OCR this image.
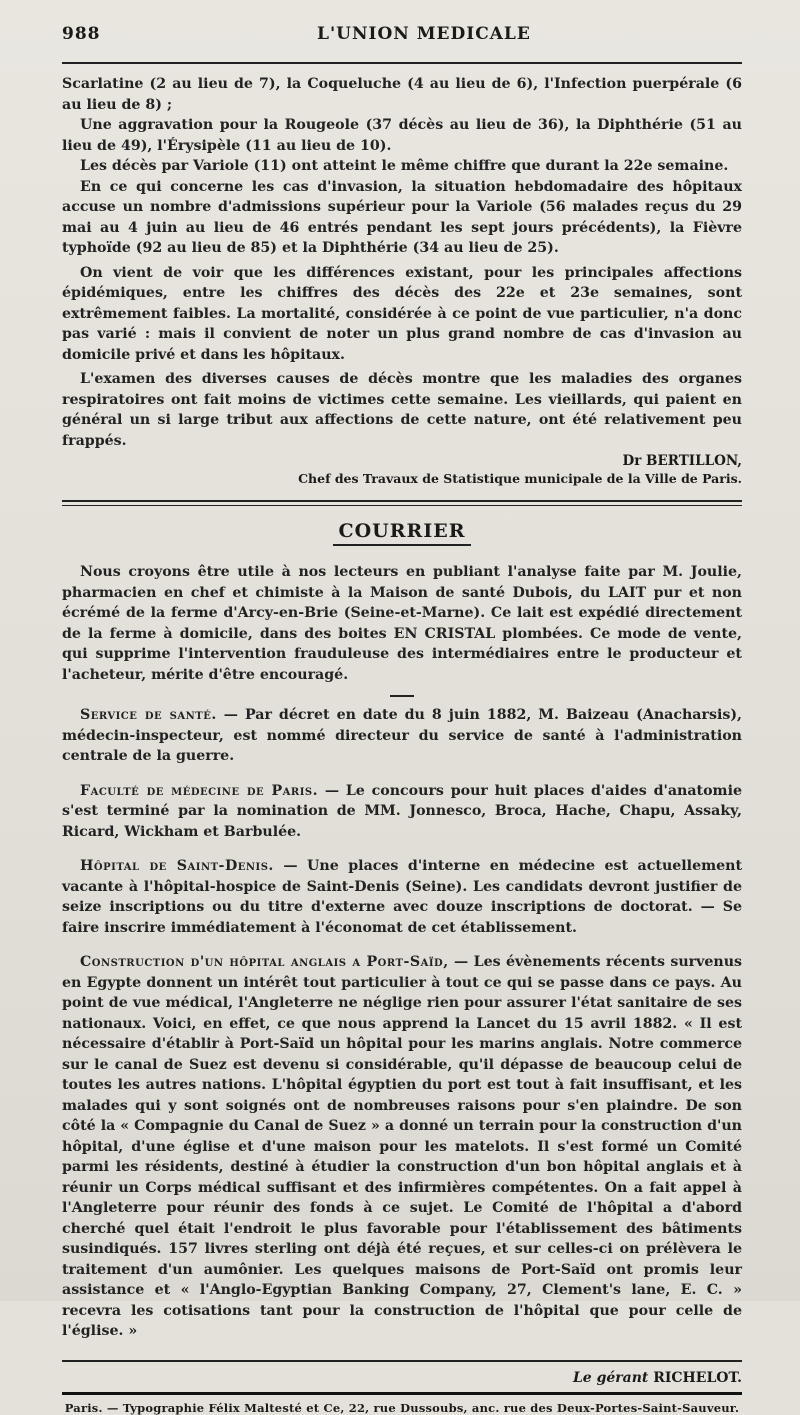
988	L'UNION MEDICALE

Scarlatine (2 au lieu de 7), la Coqueluche (4 au lieu de 6), l'Infection puerpérale (6 au lieu de 8) ;

Une aggravation pour la Rougeole (37 décès au lieu de 36), la Diphthérie (51 au lieu de 49), l'Érysipèle (11 au lieu de 10).

Les décès par Variole (11) ont atteint le même chiffre que durant la 22e semaine.

En ce qui concerne les cas d'invasion, la situation hebdomadaire des hôpitaux accuse un nombre d'admissions supérieur pour la Variole (56 malades reçus du 29 mai au 4 juin au lieu de 46 entrés pendant les sept jours précédents), la Fièvre typhoïde (92 au lieu de 85) et la Diphthérie (34 au lieu de 25).

On vient de voir que les différences existant, pour les principales affections épidémiques, entre les chiffres des décès des 22e et 23e semaines, sont extrêmement faibles. La mortalité, considérée à ce point de vue particulier, n'a donc pas varié : mais il convient de noter un plus grand nombre de cas d'invasion au domicile privé et dans les hôpitaux.

L'examen des diverses causes de décès montre que les maladies des organes respiratoires ont fait moins de victimes cette semaine. Les vieillards, qui paient en général un si large tribut aux affections de cette nature, ont été relativement peu frappés.

Dr BERTILLON,
Chef des Travaux de Statistique municipale de la Ville de Paris.
COURRIER

Nous croyons être utile à nos lecteurs en publiant l'analyse faite par M. Joulie, pharmacien en chef et chimiste à la Maison de santé Dubois, du LAIT pur et non écrémé de la ferme d'Arcy-en-Brie (Seine-et-Marne). Ce lait est expédié directement de la ferme à domicile, dans des boites EN CRISTAL plombées. Ce mode de vente, qui supprime l'intervention frauduleuse des intermédiaires entre le producteur et l'acheteur, mérite d'être encouragé.

Service de santé. — Par décret en date du 8 juin 1882, M. Baizeau (Anacharsis), médecin-inspecteur, est nommé directeur du service de santé à l'administration centrale de la guerre.

Faculté de médecine de Paris. — Le concours pour huit places d'aides d'anatomie s'est terminé par la nomination de MM. Jonnesco, Broca, Hache, Chapu, Assaky, Ricard, Wickham et Barbulée.

Hôpital de Saint-Denis. — Une places d'interne en médecine est actuellement vacante à l'hôpital-hospice de Saint-Denis (Seine). Les candidats devront justifier de seize inscriptions ou du titre d'externe avec douze inscriptions de doctorat. — Se faire inscrire immédiatement à l'économat de cet établissement.

Construction d'un hôpital anglais a Port-Saïd, — Les évènements récents survenus en Egypte donnent un intérêt tout particulier à tout ce qui se passe dans ce pays. Au point de vue médical, l'Angleterre ne néglige rien pour assurer l'état sanitaire de ses nationaux. Voici, en effet, ce que nous apprend la Lancet du 15 avril 1882. « Il est nécessaire d'établir à Port-Saïd un hôpital pour les marins anglais. Notre commerce sur le canal de Suez est devenu si considérable, qu'il dépasse de beaucoup celui de toutes les autres nations. L'hôpital égyptien du port est tout à fait insuffisant, et les malades qui y sont soignés ont de nombreuses raisons pour s'en plaindre. De son côté la « Compagnie du Canal de Suez » a donné un terrain pour la construction d'un hôpital, d'une église et d'une maison pour les matelots. Il s'est formé un Comité parmi les résidents, destiné à étudier la construction d'un bon hôpital anglais et à réunir un Corps médical suffisant et des infirmières compétentes. On a fait appel à l'Angleterre pour réunir des fonds à ce sujet. Le Comité de l'hôpital a d'abord cherché quel était l'endroit le plus favorable pour l'établissement des bâtiments susindiqués. 157 livres sterling ont déjà été reçues, et sur celles-ci on prélèvera le traitement d'un aumônier. Les quelques maisons de Port-Saïd ont promis leur assistance et « l'Anglo-Egyptian Banking Company, 27, Clement's lane, E. C. » recevra les cotisations tant pour la construction de l'hôpital que pour celle de l'église. »

Le gérant RICHELOT.
Paris. — Typographie Félix Maltesté et Ce, 22, rue Dussoubs, anc. rue des Deux-Portes-Saint-Sauveur.
